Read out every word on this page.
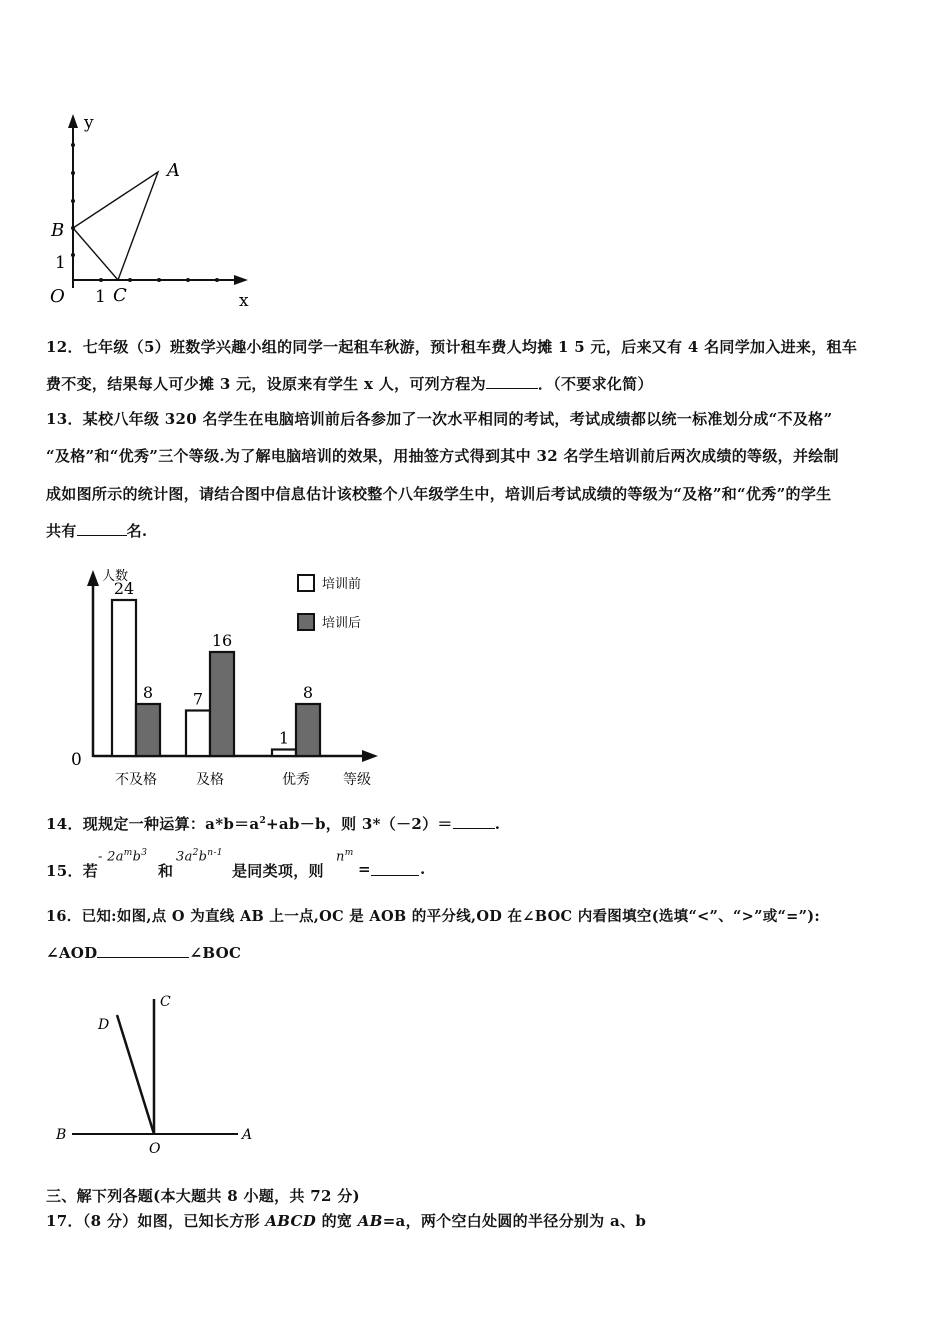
y
x
A
B
C
O 1
1
12．七年级（5）班数学兴趣小组的同学一起租车秋游，预计租车费人均摊 1 5 元，后来又有 4 名同学加入进来，租车
费不变，结果每人可少摊 3 元，设原来有学生 x 人，可列方程为	．（不要求化简）
13．某校八年级 320 名学生在电脑培训前后各参加了一次水平相同的考试，考试成绩都以统一标准划分成“不及格”
“及格”和“优秀”三个等级.为了解电脑培训的效果，用抽签方式得到其中 32 名学生培训前后两次成绩的等级，并绘制
成如图所示的统计图，请结合图中信息估计该校整个八年级学生中，培训后考试成绩的等级为“及格”和“优秀”的学生
共有	名.
人数
0
等级
培训前
培训后
24
8
不及格
7
16
及格
1
8
优秀
14．现规定一种运算：$a*b=a^2+ab-b$，则 3*（－2）＝	.
15．若
- $2a^mb^3$
和
$3a^2b^{n-1}$
是同类项，则
$n^m$
=	.
16．已知:如图,点 O 为直线 AB 上一点,OC 是 AOB 的平分线,OD 在∠BOC 内看图填空(选填“<”、“>”或“=”):
∠AOD	∠BOC
B	A
O
C
D
三、解下列各题(本大题共 8 小题，共 72 分)
17．（8 分）如图，已知长方形 ABCD 的宽 AB=a，两个空白处圆的半径分别为 a、b
